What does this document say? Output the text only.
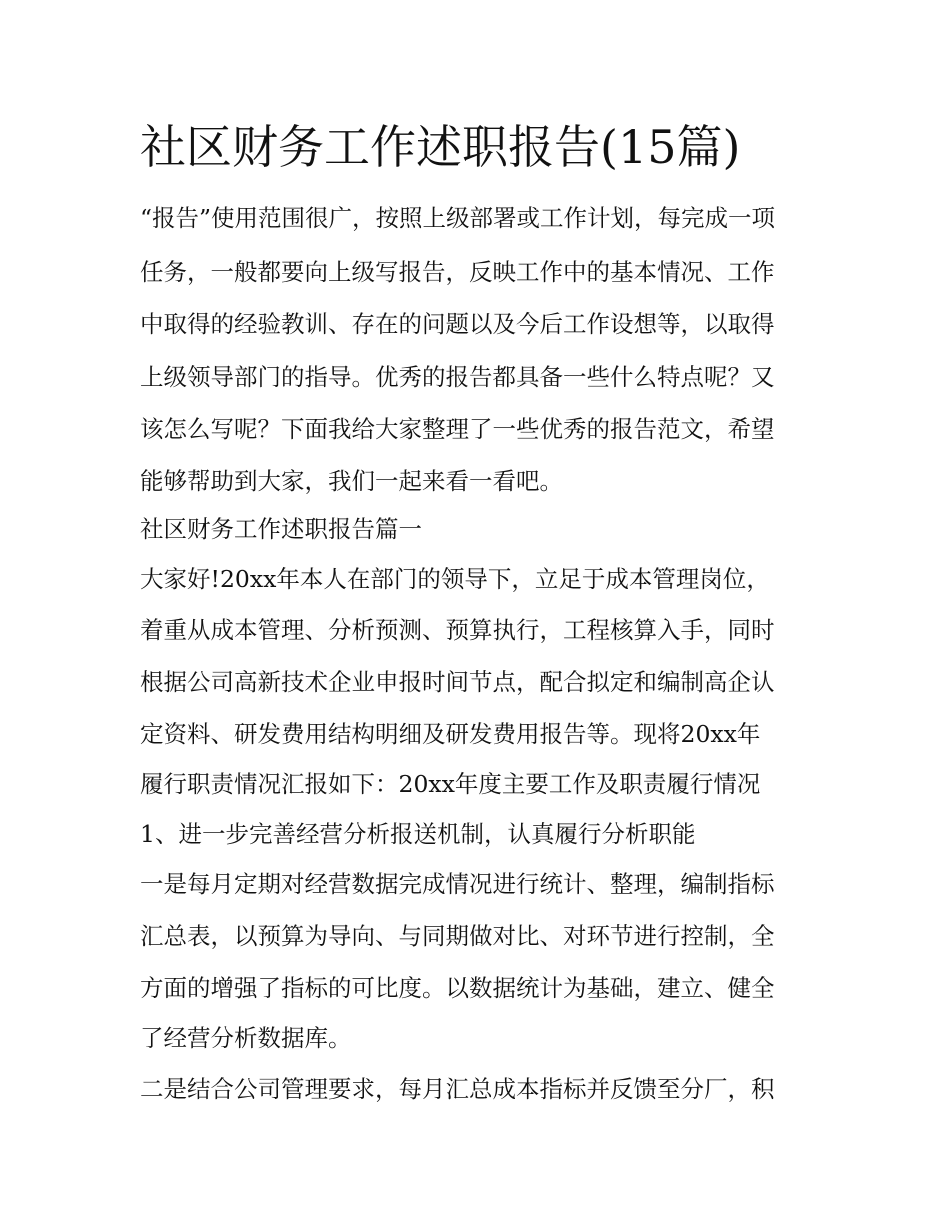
社区财务工作述职报告(15篇)

“报告”使用范围很广，按照上级部署或工作计划，每完成一项

任务，一般都要向上级写报告，反映工作中的基本情况、工作

中取得的经验教训、存在的问题以及今后工作设想等，以取得

上级领导部门的指导。优秀的报告都具备一些什么特点呢？又

该怎么写呢？下面我给大家整理了一些优秀的报告范文，希望

能够帮助到大家，我们一起来看一看吧。

社区财务工作述职报告篇一

大家好!20xx年本人在部门的领导下，立足于成本管理岗位，

着重从成本管理、分析预测、预算执行，工程核算入手，同时

根据公司高新技术企业申报时间节点，配合拟定和编制高企认

定资料、研发费用结构明细及研发费用报告等。现将20xx年

履行职责情况汇报如下：20xx年度主要工作及职责履行情况

1、进一步完善经营分析报送机制，认真履行分析职能

一是每月定期对经营数据完成情况进行统计、整理，编制指标

汇总表，以预算为导向、与同期做对比、对环节进行控制，全

方面的增强了指标的可比度。以数据统计为基础，建立、健全

了经营分析数据库。

二是结合公司管理要求，每月汇总成本指标并反馈至分厂，积
